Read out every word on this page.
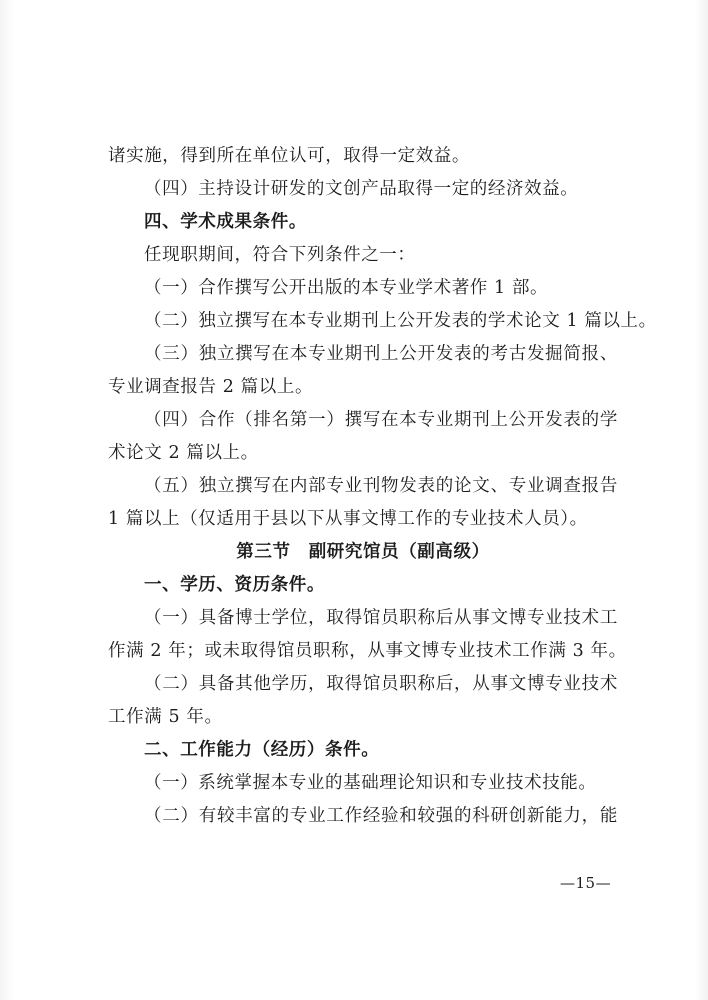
诸实施，得到所在单位认可，取得一定效益。
（四）主持设计研发的文创产品取得一定的经济效益。
四、学术成果条件。
任现职期间，符合下列条件之一：
（一）合作撰写公开出版的本专业学术著作 1 部。
（二）独立撰写在本专业期刊上公开发表的学术论文 1 篇以上。
（三）独立撰写在本专业期刊上公开发表的考古发掘简报、
专业调查报告 2 篇以上。
（四）合作（排名第一）撰写在本专业期刊上公开发表的学
术论文 2 篇以上。
（五）独立撰写在内部专业刊物发表的论文、专业调查报告
1 篇以上（仅适用于县以下从事文博工作的专业技术人员）。
第三节　副研究馆员（副高级）
一、学历、资历条件。
（一）具备博士学位，取得馆员职称后从事文博专业技术工
作满 2 年；或未取得馆员职称，从事文博专业技术工作满 3 年。
（二）具备其他学历，取得馆员职称后，从事文博专业技术
工作满 5 年。
二、工作能力（经历）条件。
（一）系统掌握本专业的基础理论知识和专业技术技能。
（二）有较丰富的专业工作经验和较强的科研创新能力，能
—15—
